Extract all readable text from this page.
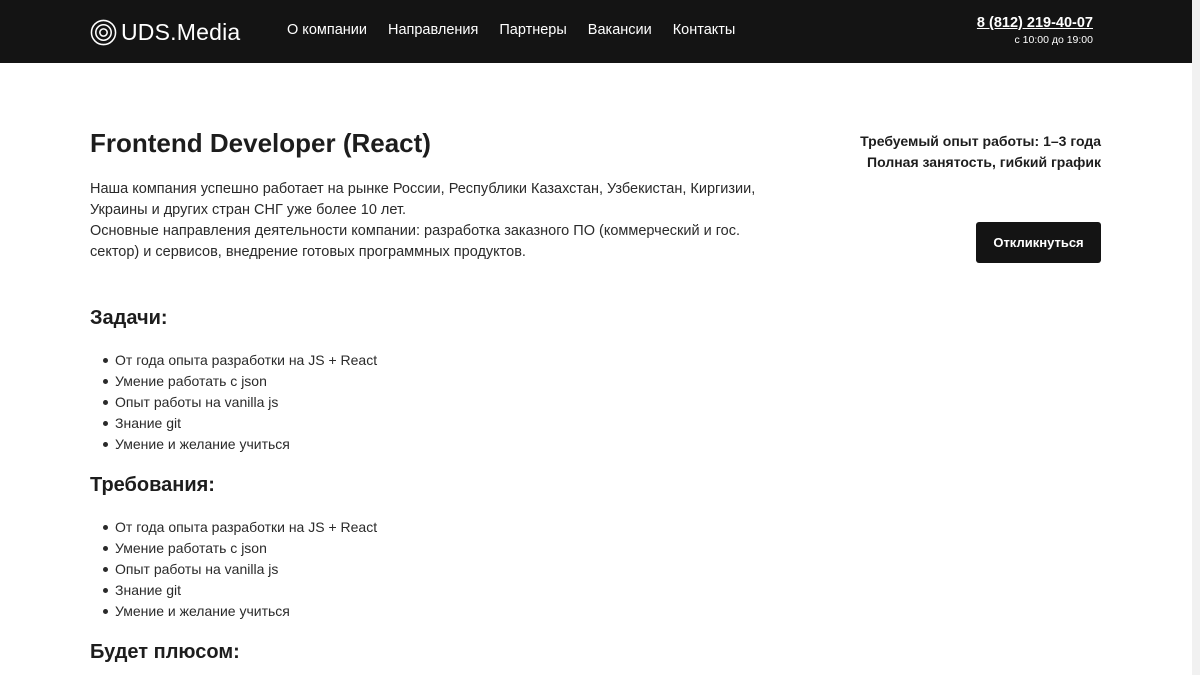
UDS.Media	О компании Направления Партнеры Вакансии Контакты	8 (812) 219-40-07
с 10:00 до 19:00
Frontend Developer (React)

Наша компания успешно работает на рынке России, Республики Казахстан, Узбекистан, Киргизии, Украины и других стран СНГ уже более 10 лет.

Основные направления деятельности компании: разработка заказного ПО (коммерческий и гос. сектор) и сервисов, внедрение готовых программных продуктов.

Требуемый опыт работы: 1–3 года
Полная занятость, гибкий график
Откликнуться
Задачи:
От года опыта разработки на JS + React
Умение работать с json
Опыт работы на vanilla js
Знание git
Умение и желание учиться
Требования:
От года опыта разработки на JS + React
Умение работать с json
Опыт работы на vanilla js
Знание git
Умение и желание учиться
Будет плюсом:
